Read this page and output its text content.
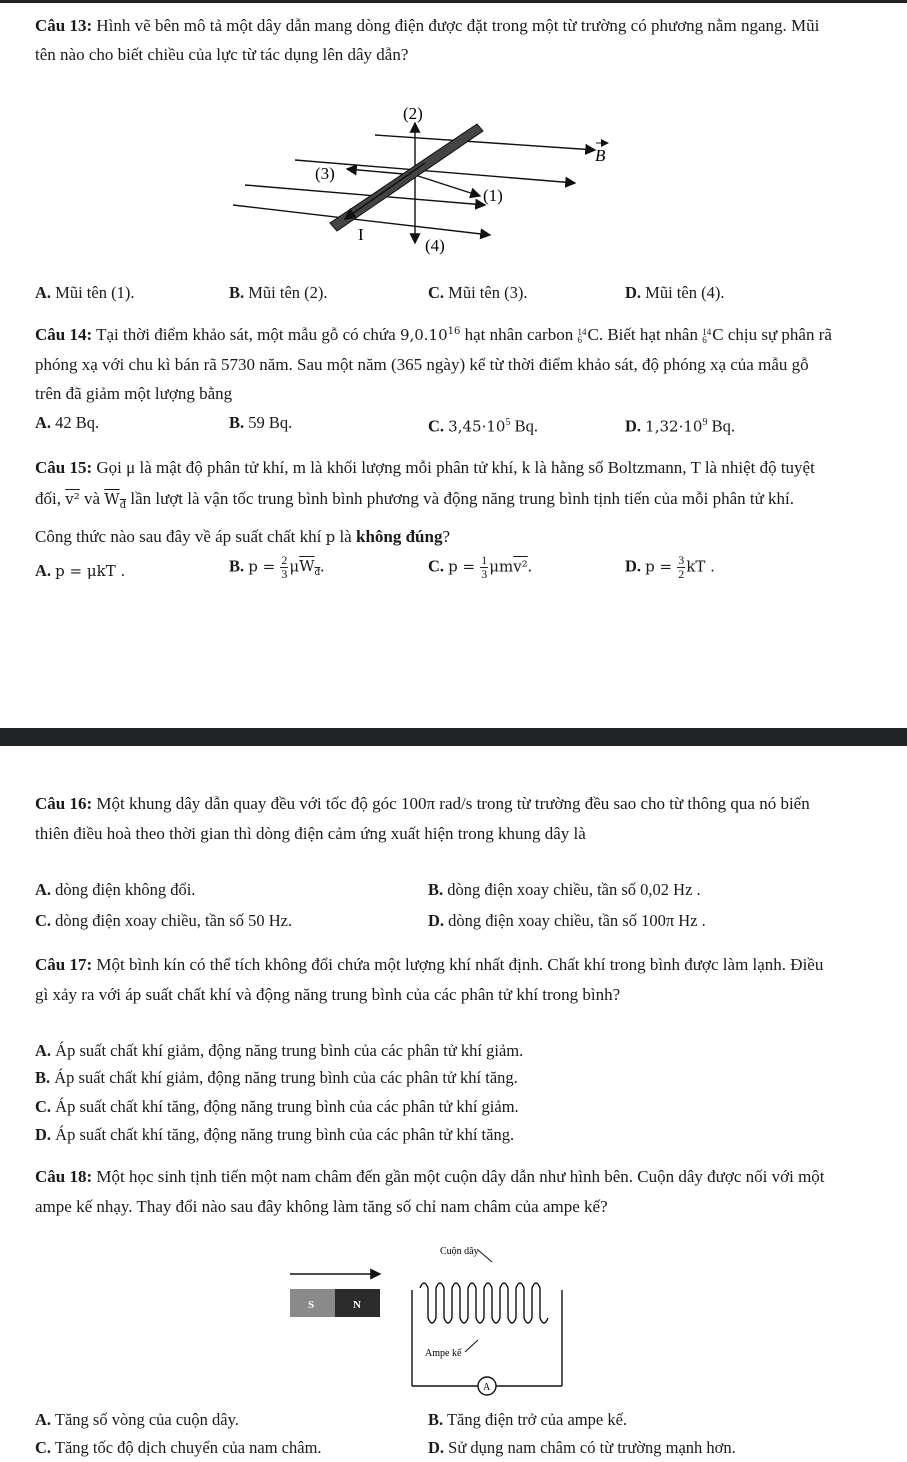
Câu 13: Hình vẽ bên mô tả một dây dẫn mang dòng điện được đặt trong một từ trường có phương nằm ngang. Mũi tên nào cho biết chiều của lực từ tác dụng lên dây dẫn?
(2)
(3)
(1)
(4)
B
I
A. Mũi tên (1).	B. Mũi tên (2).	C. Mũi tên (3).	D. Mũi tên (4).
Câu 14: Tại thời điểm khảo sát, một mẫu gỗ có chứa 9,0.10$^{16}$ hạt nhân carbon 14
6 C. Biết hạt nhân 14
6 C chịu sự phân rã phóng xạ với chu kì bán rã 5730 năm. Sau một năm (365 ngày) kể từ thời điểm khảo sát, độ phóng xạ của mẫu gỗ trên đã giảm một lượng bằng
A. 42 Bq.	B. 59 Bq.	C. $3,45\cdot 10^5$ Bq.	D. $1,32\cdot 10^9$ Bq.
Câu 15: Gọi μ là mật độ phân tử khí, m là khối lượng mỗi phân tử khí, k là hằng số Boltzmann, T là nhiệt độ tuyệt đối, v² và $W_đ$ lần lượt là vận tốc trung bình bình phương và động năng trung bình tịnh tiến của mỗi phân tử khí. Công thức nào sau đây về áp suất chất khí p là không đúng?
A. p = μkT .	B. $p = \frac{2}{3} \mu W_đ$.	C. $p = \frac{1}{3} \mu mv^2$.	D. $p = \frac{3}{2}$ kT .
Câu 16: Một khung dây dẫn quay đều với tốc độ góc 100π rad/s trong từ trường đều sao cho từ thông qua nó biến thiên điều hoà theo thời gian thì dòng điện cảm ứng xuất hiện trong khung dây là
A. dòng điện không đổi.	B. dòng điện xoay chiều, tần số 0,02 Hz .
C. dòng điện xoay chiều, tần số 50 Hz.	D. dòng điện xoay chiều, tần số 100π Hz .
Câu 17: Một bình kín có thể tích không đổi chứa một lượng khí nhất định. Chất khí trong bình được làm lạnh. Điều gì xảy ra với áp suất chất khí và động năng trung bình của các phân tử khí trong bình?
A. Áp suất chất khí giảm, động năng trung bình của các phân tử khí giảm.
B. Áp suất chất khí giảm, động năng trung bình của các phân tử khí tăng.
C. Áp suất chất khí tăng, động năng trung bình của các phân tử khí giảm.
D. Áp suất chất khí tăng, động năng trung bình của các phân tử khí tăng.
Câu 18: Một học sinh tịnh tiến một nam châm đến gần một cuộn dây dẫn như hình bên. Cuộn dây được nối với một ampe kế nhạy. Thay đổi nào sau đây không làm tăng số chỉ nam châm của ampe kế?
S	N
Cuộn dây
A
Ampe kế
A. Tăng số vòng của cuộn dây.	B. Tăng điện trở của ampe kế.
C. Tăng tốc độ dịch chuyển của nam châm.	D. Sử dụng nam châm có từ trường mạnh hơn.
